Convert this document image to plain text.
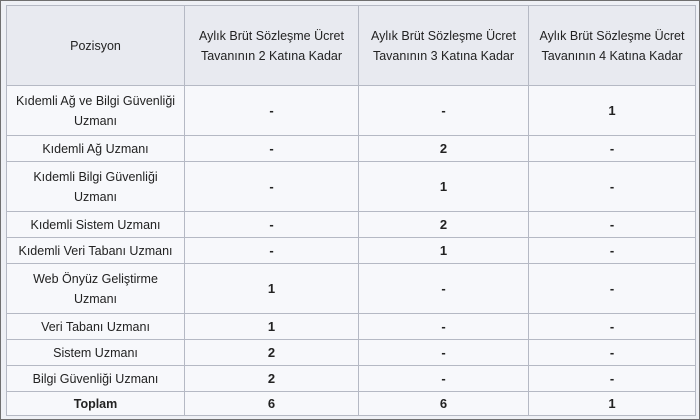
Pozisyon	Aylık Brüt Sözleşme Ücret Tavanının 2 Katına Kadar	Aylık Brüt Sözleşme Ücret Tavanının 3 Katına Kadar	Aylık Brüt Sözleşme Ücret Tavanının 4 Katına Kadar
Kıdemli Ağ ve Bilgi Güvenliği Uzmanı	-	-	1
Kıdemli Ağ Uzmanı	-	2	-
Kıdemli Bilgi Güvenliği Uzmanı	-	1	-
Kıdemli Sistem Uzmanı	-	2	-
Kıdemli Veri Tabanı Uzmanı	-	1	-
Web Önyüz Geliştirme Uzmanı	1	-	-
Veri Tabanı Uzmanı	1	-	-
Sistem Uzmanı	2	-	-
Bilgi Güvenliği Uzmanı	2	-	-
Toplam	6	6	1
